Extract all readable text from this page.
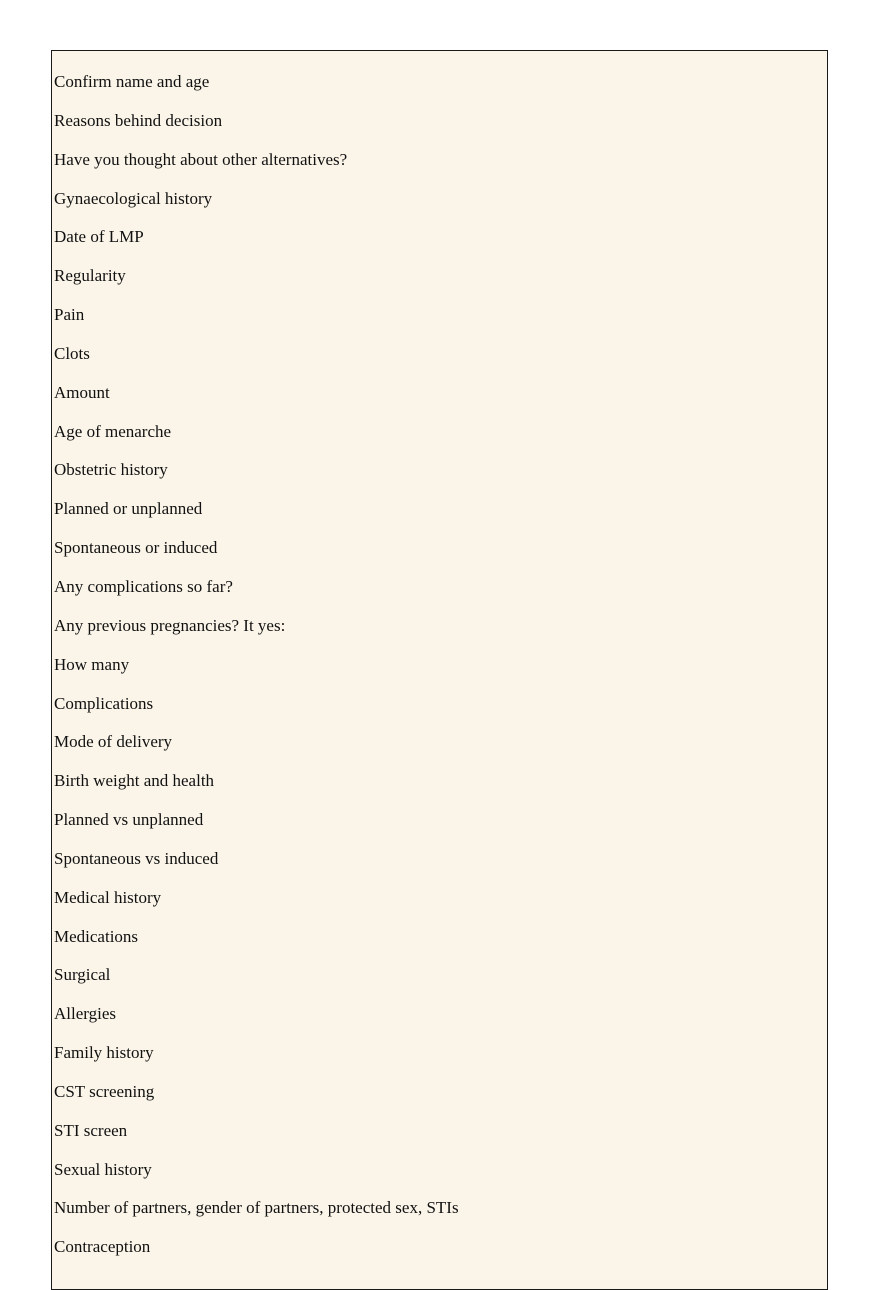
Confirm name and age
Reasons behind decision
Have you thought about other alternatives?
Gynaecological history
Date of LMP
Regularity
Pain
Clots
Amount
Age of menarche
Obstetric history
Planned or unplanned
Spontaneous or induced
Any complications so far?
Any previous pregnancies? It yes:
How many
Complications
Mode of delivery
Birth weight and health
Planned vs unplanned
Spontaneous vs induced
Medical history
Medications
Surgical
Allergies
Family history
CST screening
STI screen
Sexual history
Number of partners, gender of partners, protected sex, STIs
Contraception
